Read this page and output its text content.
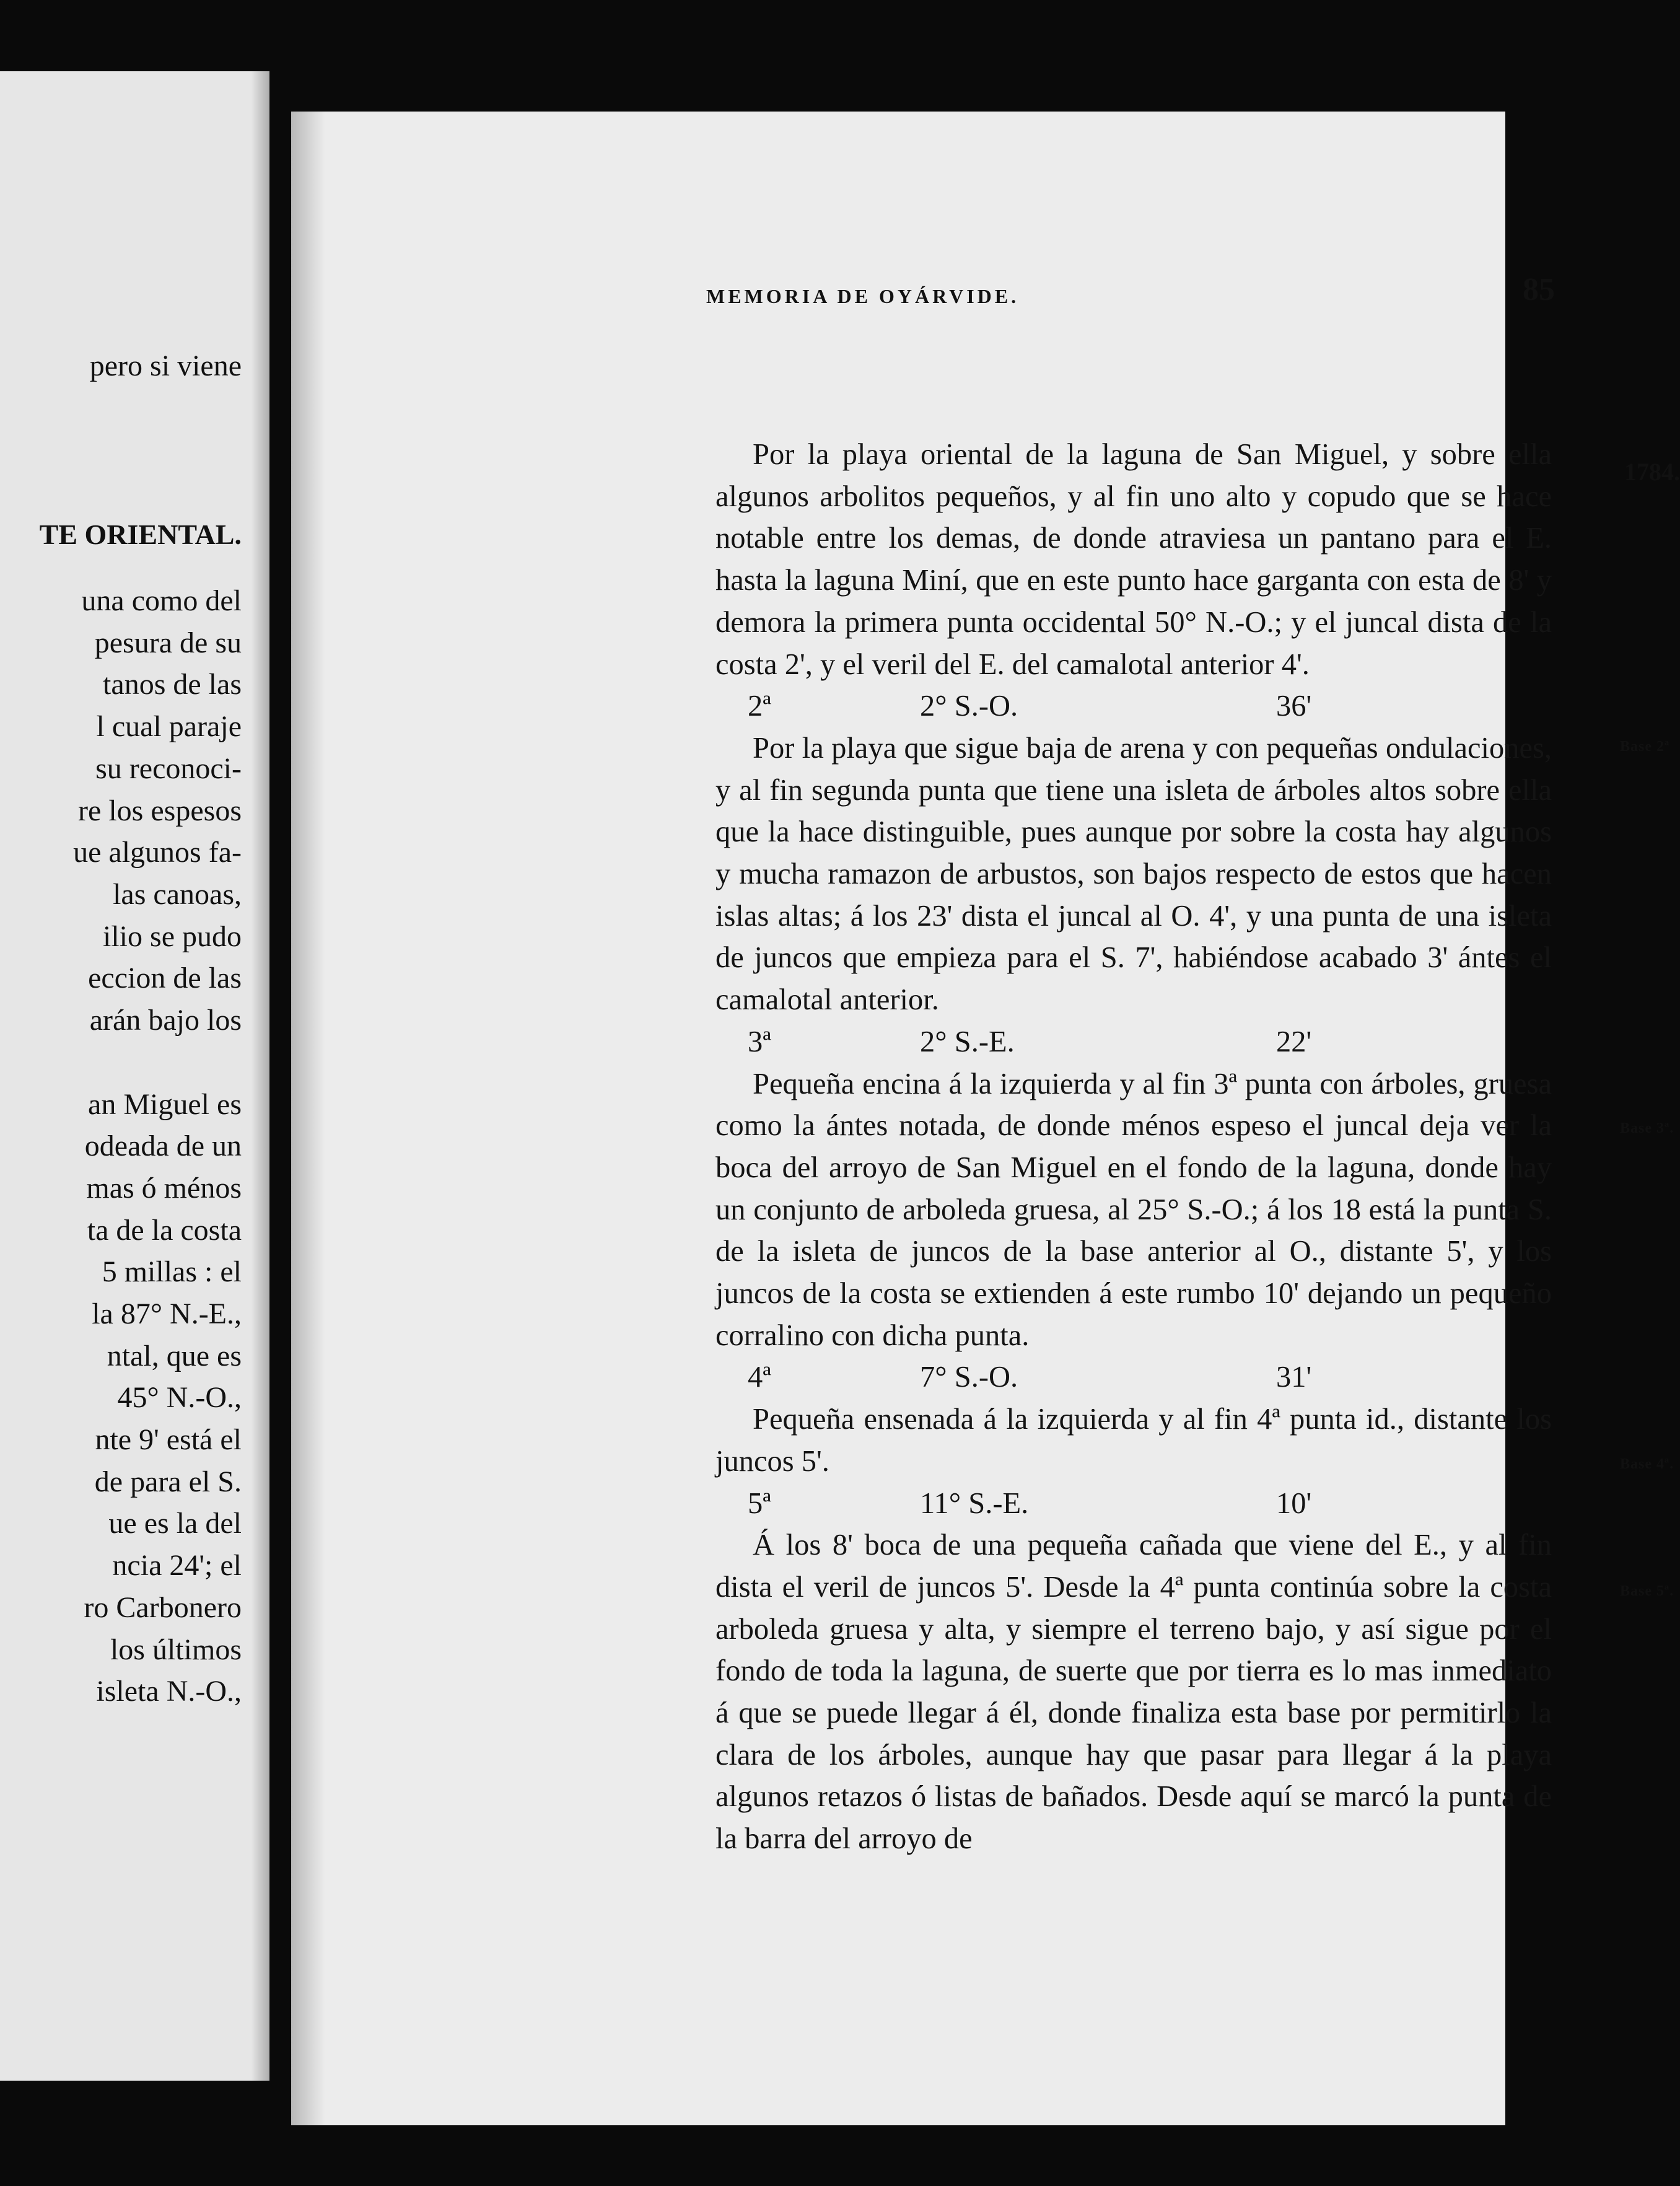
pero si viene
TE ORIENTAL.
una como del
pesura de su
tanos de las
l cual paraje
su reconoci-
re los espesos
ue algunos fa-
las canoas,
ilio se pudo
eccion de las
arán bajo los
an Miguel es
odeada de un
mas ó ménos
ta de la costa
5 millas : el
la 87° N.-E.,
ntal, que es
45° N.-O.,
nte 9' está el
de para el S.
ue es la del
ncia 24'; el
ro Carbonero
los últimos
isleta N.-O.,
MEMORIA DE OYÁRVIDE.	85

Por la playa oriental de la laguna de San Miguel, y sobre ella algunos arbolitos pequeños, y al fin uno alto y copudo que se hace notable entre los demas, de donde atraviesa un pantano para el E. hasta la laguna Miní, que en este punto hace garganta con esta de 8' y demora la primera punta occidental 50° N.-O.; y el juncal dista de la costa 2', y el veril del E. del camalotal anterior 4'.

2ª	2° S.-O.	36'

Por la playa que sigue baja de arena y con pequeñas ondulaciones, y al fin segunda punta que tiene una isleta de árboles altos sobre ella que la hace distinguible, pues aunque por sobre la costa hay algunos y mucha ramazon de arbustos, son bajos respecto de estos que hacen islas altas; á los 23' dista el juncal al O. 4', y una punta de una isleta de juncos que empieza para el S. 7', habiéndose acabado 3' ántes el camalotal anterior.

3ª	2° S.-E.	22'

Pequeña encina á la izquierda y al fin 3ª punta con árboles, gruesa como la ántes notada, de donde ménos espeso el juncal deja ver la boca del arroyo de San Miguel en el fondo de la laguna, donde hay un conjunto de arboleda gruesa, al 25° S.-O.; á los 18 está la punta S. de la isleta de juncos de la base anterior al O., distante 5', y los juncos de la costa se extienden á este rumbo 10' dejando un pequeño corralino con dicha punta.

4ª	7° S.-O.	31'

Pequeña ensenada á la izquierda y al fin 4ª punta id., distante los juncos 5'.

5ª	11° S.-E.	10'

Á los 8' boca de una pequeña cañada que viene del E., y al fin dista el veril de juncos 5'. Desde la 4ª punta continúa sobre la costa arboleda gruesa y alta, y siempre el terreno bajo, y así sigue por el fondo de toda la laguna, de suerte que por tierra es lo mas inmediato á que se puede llegar á él, donde finaliza esta base por permitirlo la clara de los árboles, aunque hay que pasar para llegar á la playa algunos retazos ó listas de bañados. Desde aquí se marcó la punta de la barra del arroyo de

1784.
Base 2ª
Base 3ª.
Base 4ª.
Base 5ª.
